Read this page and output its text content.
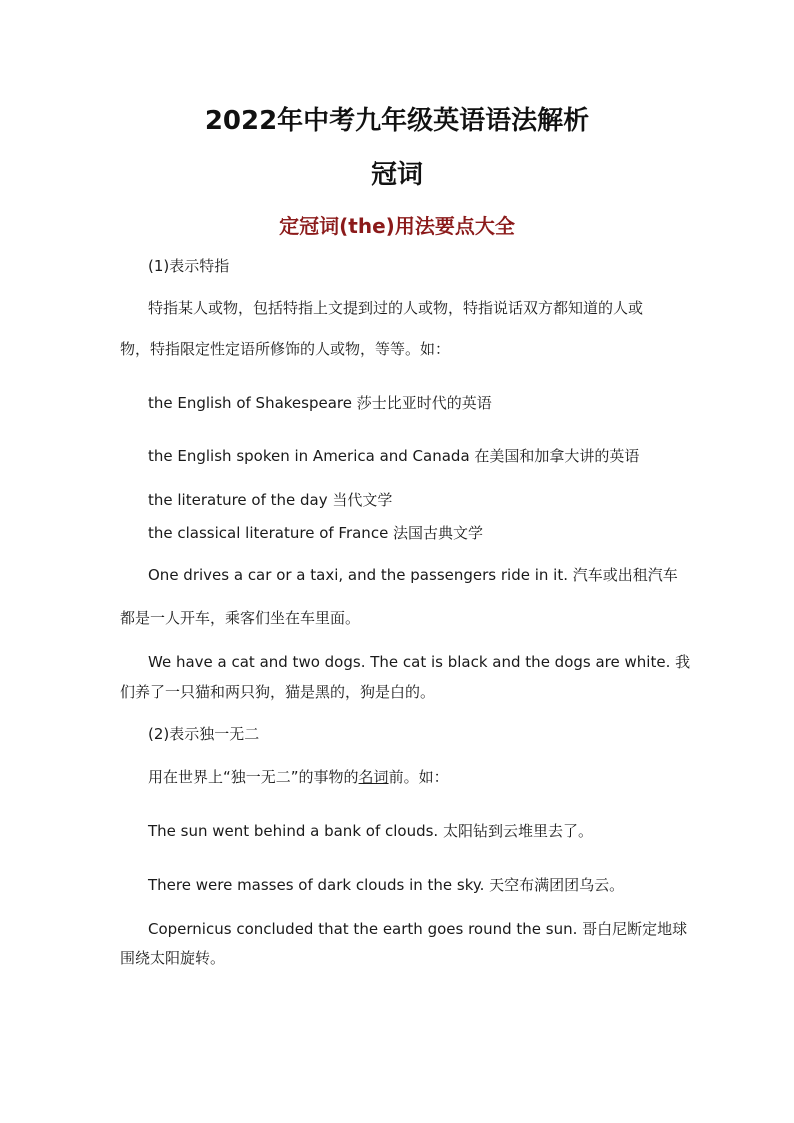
2022年中考九年级英语语法解析
冠词
定冠词(the)用法要点大全
(1)表示特指
特指某人或物，包括特指上文提到过的人或物，特指说话双方都知道的人或
物，特指限定性定语所修饰的人或物，等等。如：
the English of Shakespeare 莎士比亚时代的英语
the English spoken in America and Canada 在美国和加拿大讲的英语
the literature of the day 当代文学
the classical literature of France 法国古典文学
One drives a car or a taxi, and the passengers ride in it. 汽车或出租汽车
都是一人开车，乘客们坐在车里面。
We have a cat and two dogs. The cat is black and the dogs are white. 我
们养了一只猫和两只狗，猫是黑的，狗是白的。
(2)表示独一无二
用在世界上“独一无二”的事物的名词前。如：
The sun went behind a bank of clouds. 太阳钻到云堆里去了。
There were masses of dark clouds in the sky. 天空布满团团乌云。
Copernicus concluded that the earth goes round the sun. 哥白尼断定地球
围绕太阳旋转。
